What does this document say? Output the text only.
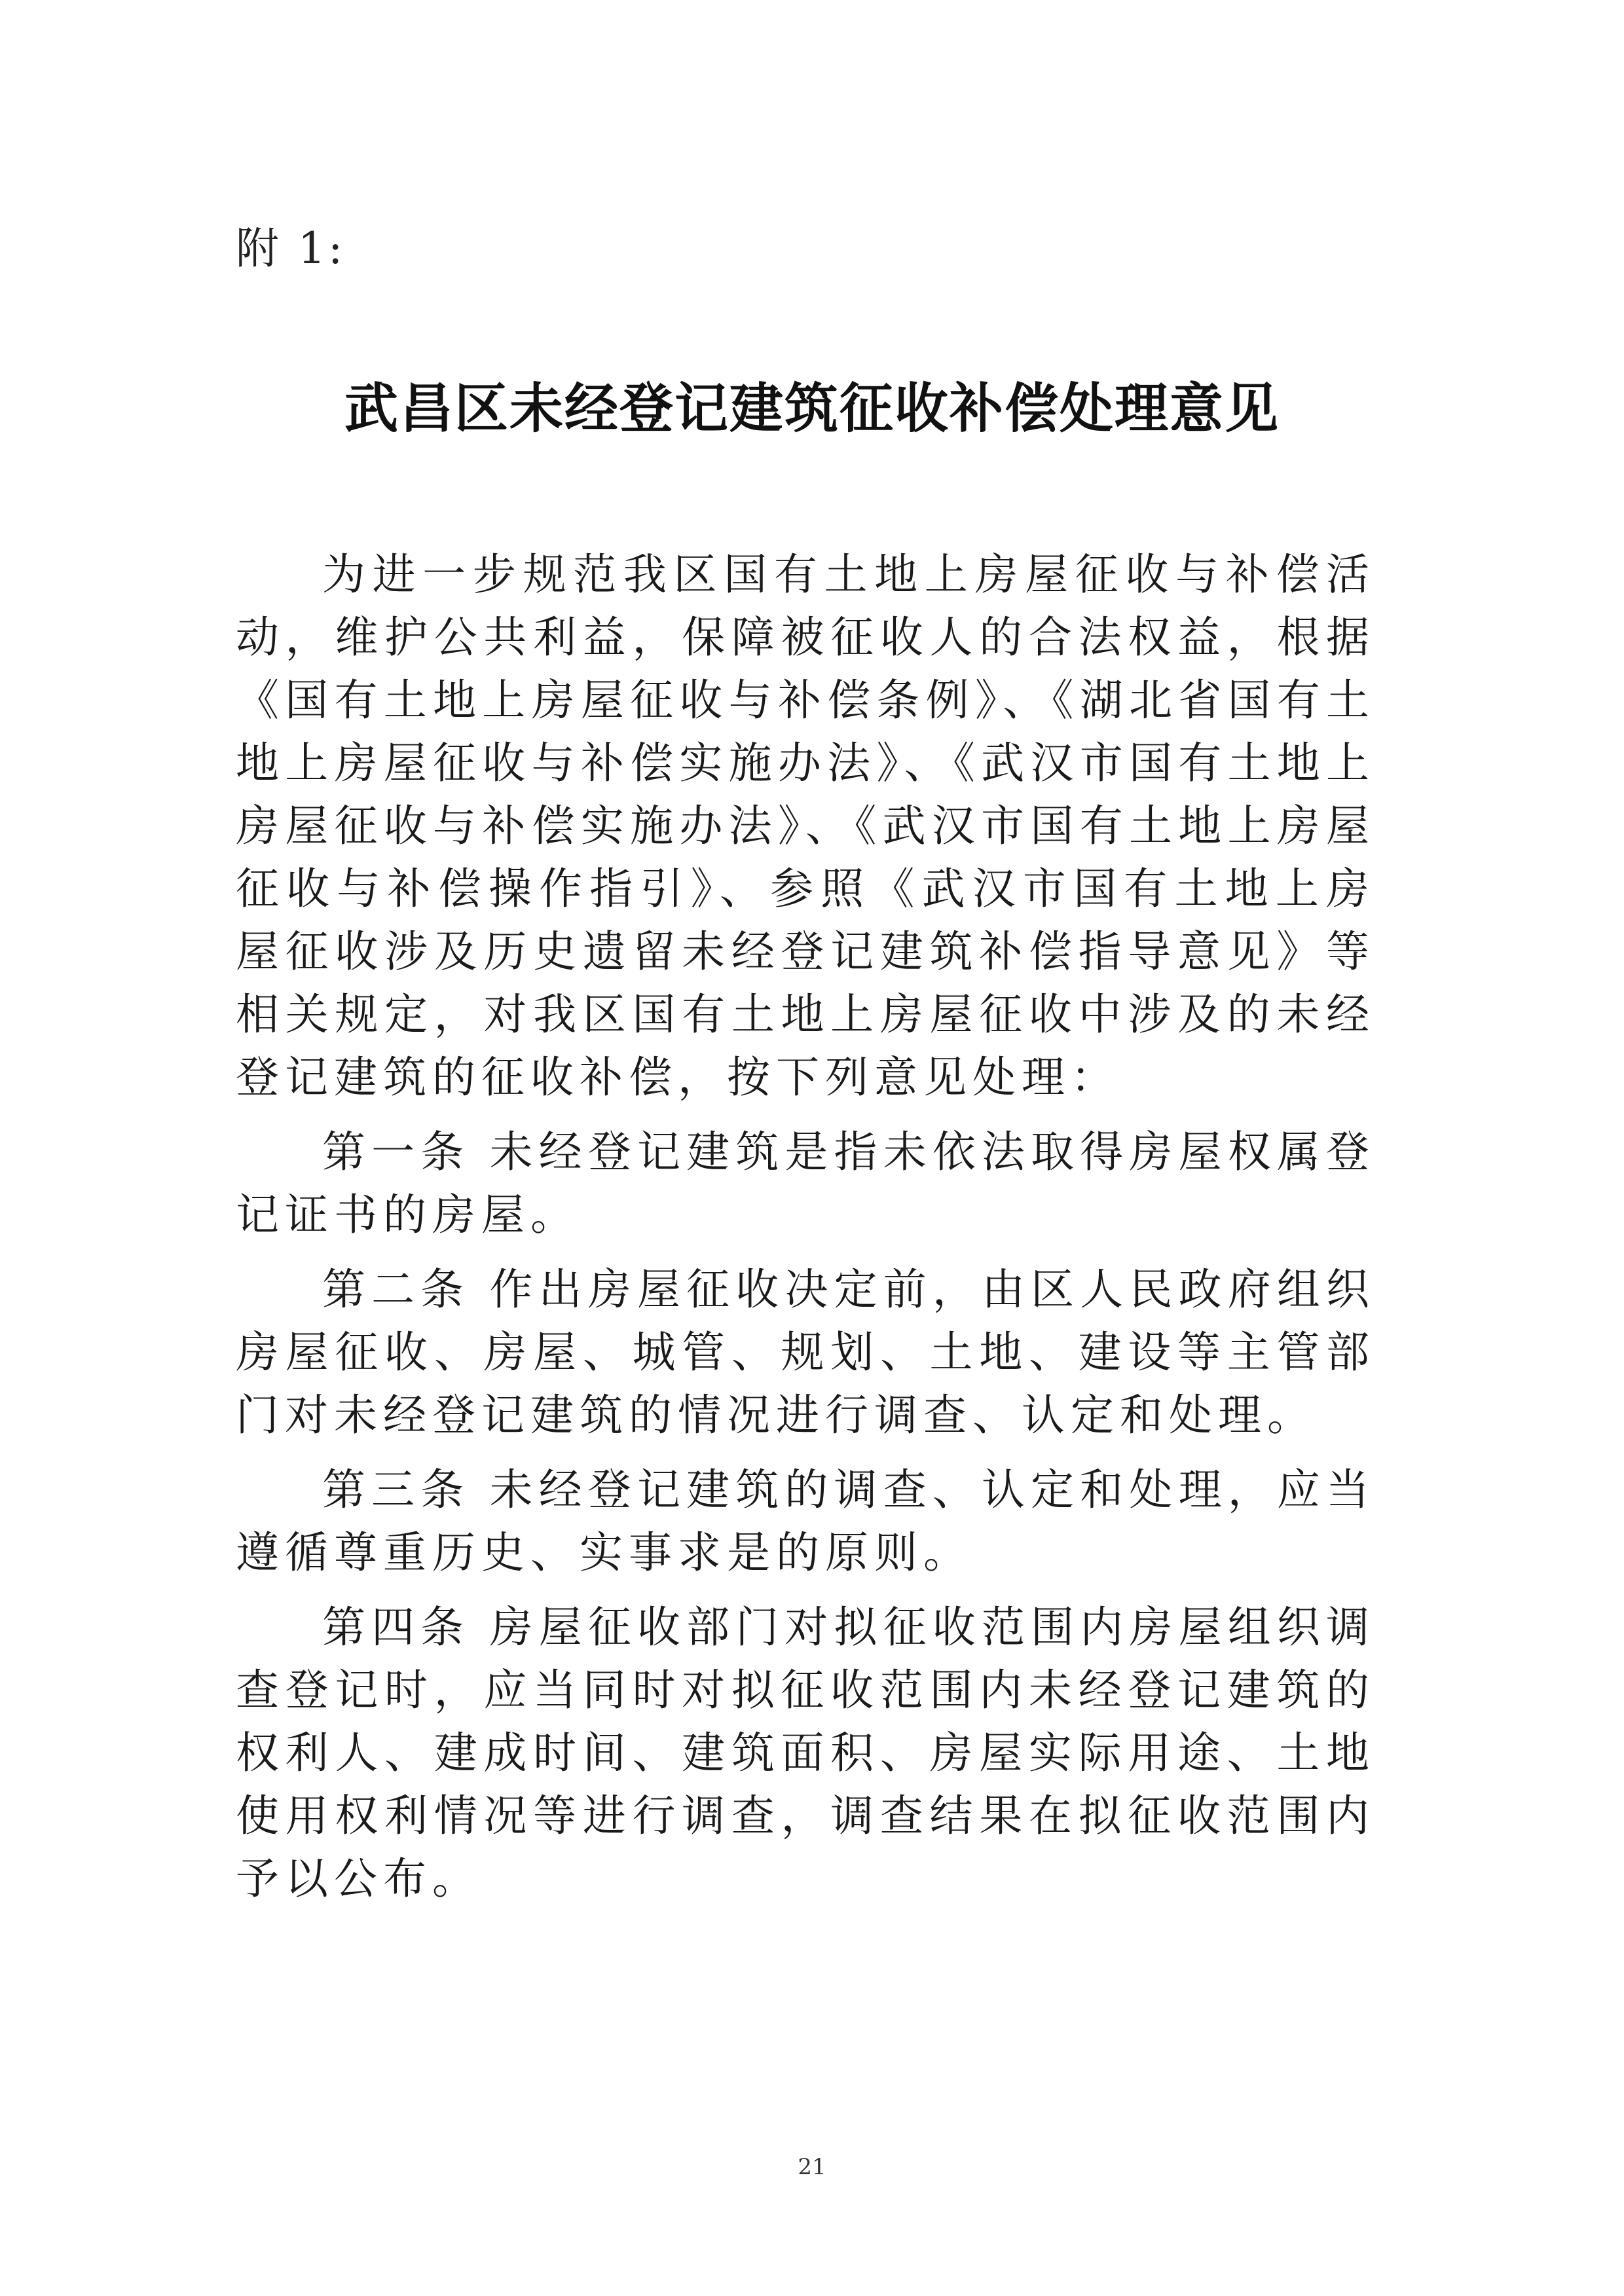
附 1:
武昌区未经登记建筑征收补偿处理意见

为进一步规范我区国有土地上房屋征收与补偿活动，维护公共利益，保障被征收人的合法权益，根据《国有土地上房屋征收与补偿条例》、《湖北省国有土地上房屋征收与补偿实施办法》、《武汉市国有土地上房屋征收与补偿实施办法》、《武汉市国有土地上房屋征收与补偿操作指引》、参照《武汉市国有土地上房屋征收涉及历史遗留未经登记建筑补偿指导意见》等相关规定，对我区国有土地上房屋征收中涉及的未经登记建筑的征收补偿，按下列意见处理：

第一条 未经登记建筑是指未依法取得房屋权属登记证书的房屋。

第二条 作出房屋征收决定前，由区人民政府组织房屋征收、房屋、城管、规划、土地、建设等主管部门对未经登记建筑的情况进行调查、认定和处理。

第三条 未经登记建筑的调查、认定和处理，应当遵循尊重历史、实事求是的原则。

第四条 房屋征收部门对拟征收范围内房屋组织调查登记时，应当同时对拟征收范围内未经登记建筑的权利人、建成时间、建筑面积、房屋实际用途、土地使用权利情况等进行调查，调查结果在拟征收范围内予以公布。

21
